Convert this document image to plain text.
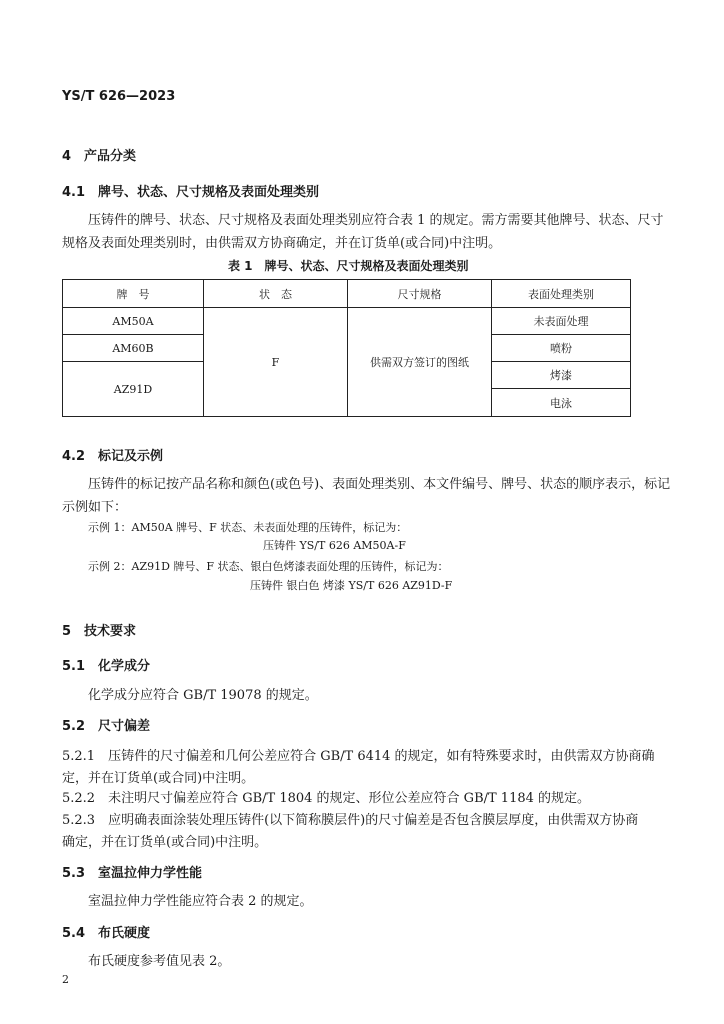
YS/T 626—2023
4　产品分类
4.1　牌号、状态、尺寸规格及表面处理类别
压铸件的牌号、状态、尺寸规格及表面处理类别应符合表 1 的规定。需方需要其他牌号、状态、尺寸
规格及表面处理类别时，由供需双方协商确定，并在订货单(或合同)中注明。
表 1　牌号、状态、尺寸规格及表面处理类别
牌　号	状　态	尺寸规格	表面处理类别
AM50A	F	供需双方签订的图纸	未表面处理
AM60B			喷粉
AZ91D			烤漆
			电泳
4.2　标记及示例
压铸件的标记按产品名称和颜色(或色号)、表面处理类别、本文件编号、牌号、状态的顺序表示，标记
示例如下：
示例 1：AM50A 牌号、F 状态、未表面处理的压铸件，标记为：
压铸件 YS/T 626 AM50A-F
示例 2：AZ91D 牌号、F 状态、银白色烤漆表面处理的压铸件，标记为：
压铸件 银白色 烤漆 YS/T 626 AZ91D-F
5　技术要求
5.1　化学成分
化学成分应符合 GB/T 19078 的规定。
5.2　尺寸偏差
5.2.1　压铸件的尺寸偏差和几何公差应符合 GB/T 6414 的规定，如有特殊要求时，由供需双方协商确
定，并在订货单(或合同)中注明。
5.2.2　未注明尺寸偏差应符合 GB/T 1804 的规定、形位公差应符合 GB/T 1184 的规定。
5.2.3　应明确表面涂装处理压铸件(以下简称膜层件)的尺寸偏差是否包含膜层厚度，由供需双方协商
确定，并在订货单(或合同)中注明。
5.3　室温拉伸力学性能
室温拉伸力学性能应符合表 2 的规定。
5.4　布氏硬度
布氏硬度参考值见表 2。
2
